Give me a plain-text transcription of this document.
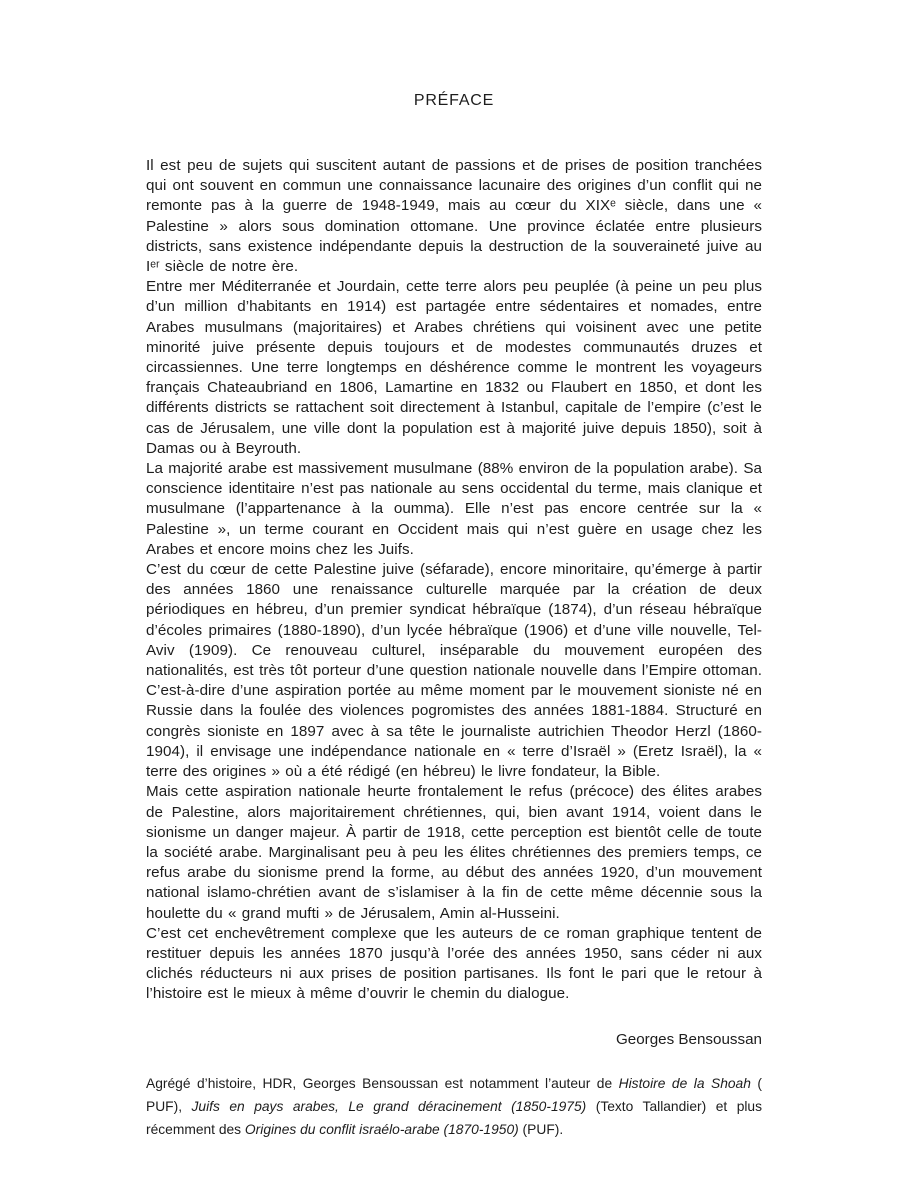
PRÉFACE

Il est peu de sujets qui suscitent autant de passions et de prises de position tranchées qui ont souvent en commun une connaissance lacunaire des origines d’un conflit qui ne remonte pas à la guerre de 1948-1949, mais au cœur du XIXᵉ siècle, dans une « Palestine » alors sous domination ottomane. Une province éclatée entre plusieurs districts, sans existence indépendante depuis la destruction de la souveraineté juive au Iᵉʳ siècle de notre ère.

Entre mer Méditerranée et Jourdain, cette terre alors peu peuplée (à peine un peu plus d’un million d’habitants en 1914) est partagée entre sédentaires et nomades, entre Arabes musulmans (majoritaires) et Arabes chrétiens qui voisinent avec une petite minorité juive présente depuis toujours et de modestes communautés druzes et circassiennes. Une terre longtemps en déshérence comme le montrent les voyageurs français Chateaubriand en 1806, Lamartine en 1832 ou Flaubert en 1850, et dont les différents districts se rattachent soit directement à Istanbul, capitale de l’empire (c’est le cas de Jérusalem, une ville dont la population est à majorité juive depuis 1850), soit à Damas ou à Beyrouth.

La majorité arabe est massivement musulmane (88% environ de la population arabe). Sa conscience identitaire n’est pas nationale au sens occidental du terme, mais clanique et musulmane (l’appartenance à la oumma). Elle n’est pas encore centrée sur la « Palestine », un terme courant en Occident mais qui n’est guère en usage chez les Arabes et encore moins chez les Juifs.

C’est du cœur de cette Palestine juive (séfarade), encore minoritaire, qu’émerge à partir des années 1860 une renaissance culturelle marquée par la création de deux périodiques en hébreu, d’un premier syndicat hébraïque (1874), d’un réseau hébraïque d’écoles primaires (1880-1890), d’un lycée hébraïque (1906) et d’une ville nouvelle, Tel-Aviv (1909). Ce renouveau culturel, inséparable du mouvement européen des nationalités, est très tôt porteur d’une question nationale nouvelle dans l’Empire ottoman. C’est-à-dire d’une aspiration portée au même moment par le mouvement sioniste né en Russie dans la foulée des violences pogromistes des années 1881-1884. Structuré en congrès sioniste en 1897 avec à sa tête le journaliste autrichien Theodor Herzl (1860-1904), il envisage une indépendance nationale en « terre d’Israël » (Eretz Israël), la « terre des origines » où a été rédigé (en hébreu) le livre fondateur, la Bible.

Mais cette aspiration nationale heurte frontalement le refus (précoce) des élites arabes de Palestine, alors majoritairement chrétiennes, qui, bien avant 1914, voient dans le sionisme un danger majeur. À partir de 1918, cette perception est bientôt celle de toute la société arabe. Marginalisant peu à peu les élites chrétiennes des premiers temps, ce refus arabe du sionisme prend la forme, au début des années 1920, d’un mouvement national islamo-chrétien avant de s’islamiser à la fin de cette même décennie sous la houlette du « grand mufti » de Jérusalem, Amin al-Husseini.

C’est cet enchevêtrement complexe que les auteurs de ce roman graphique tentent de restituer depuis les années 1870 jusqu’à l’orée des années 1950, sans céder ni aux clichés réducteurs ni aux prises de position partisanes. Ils font le pari que le retour à l’histoire est le mieux à même d’ouvrir le chemin du dialogue.

Georges Bensoussan
Agrégé d’histoire, HDR, Georges Bensoussan est notamment l’auteur de Histoire de la Shoah ( PUF), Juifs en pays arabes, Le grand déracinement (1850-1975) (Texto Tallandier) et plus récemment des Origines du conflit israélo-arabe (1870-1950) (PUF).
